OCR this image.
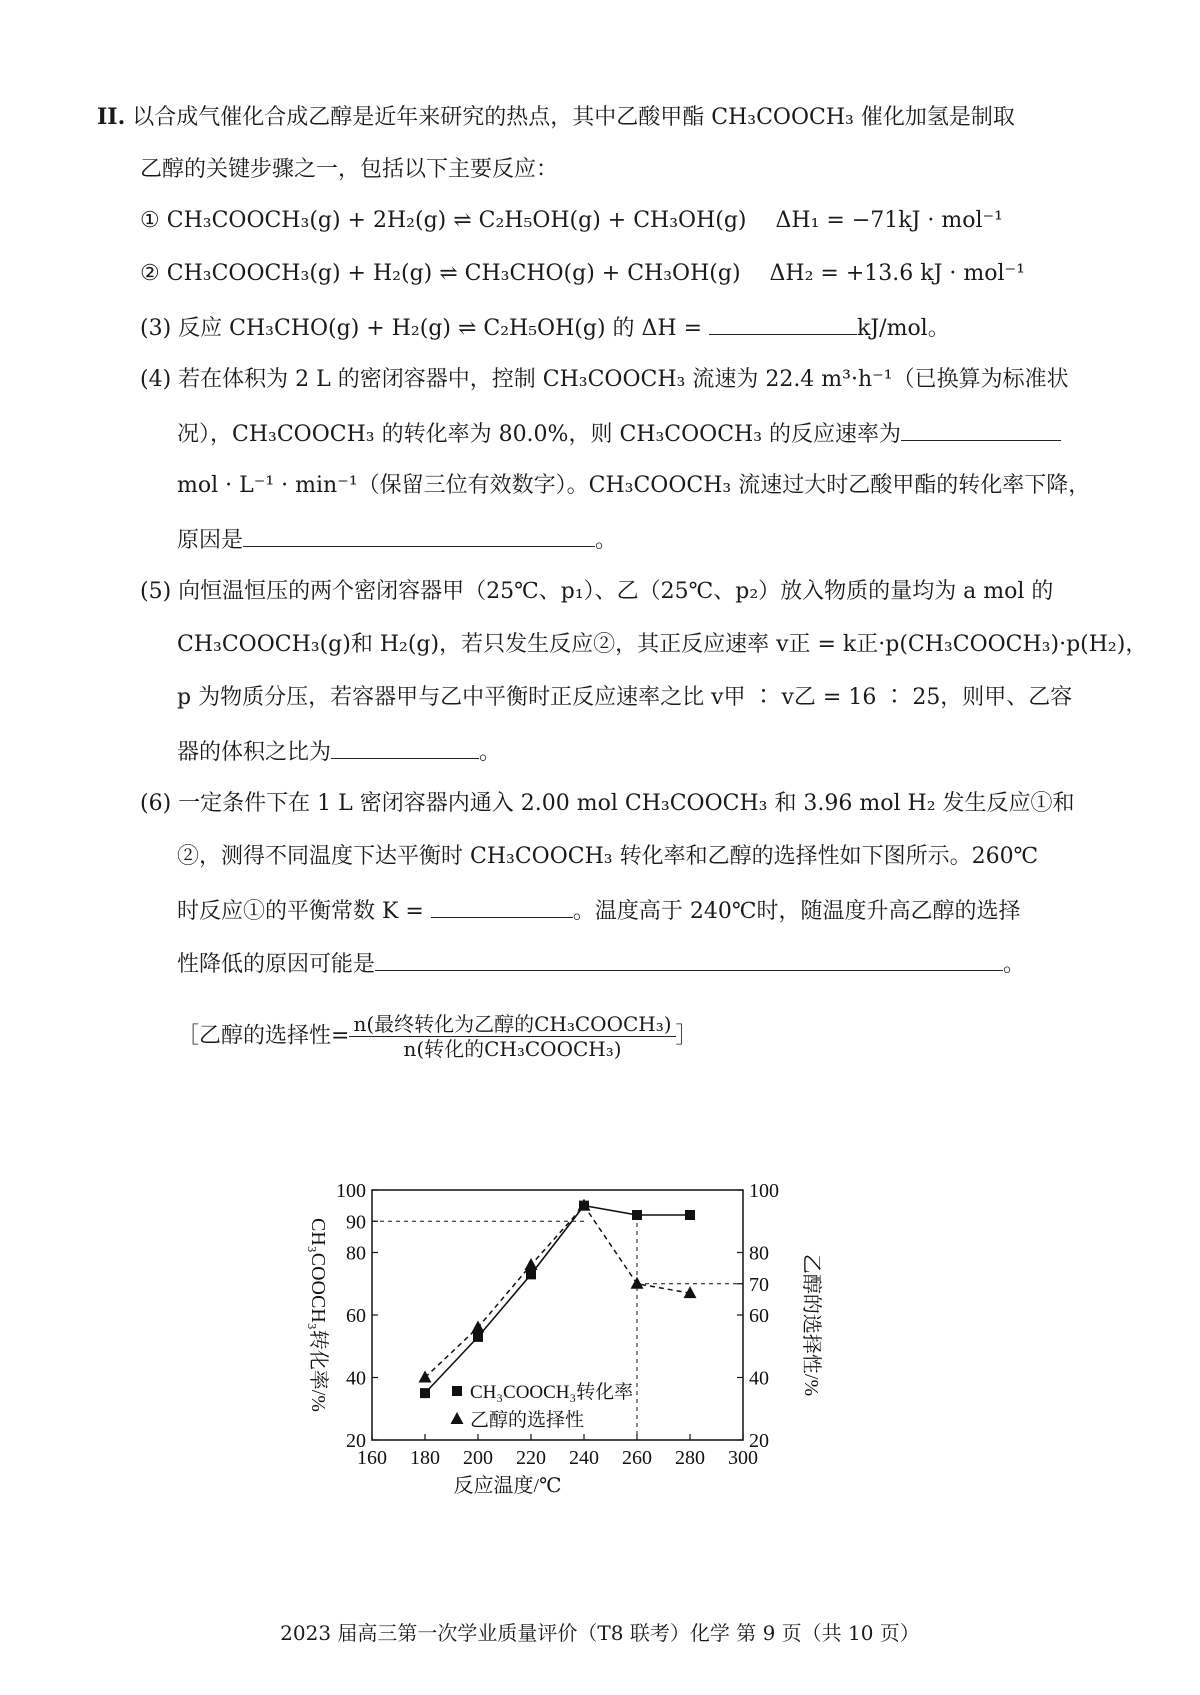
II. 以合成气催化合成乙醇是近年来研究的热点，其中乙酸甲酯 CH₃COOCH₃ 催化加氢是制取
乙醇的关键步骤之一，包括以下主要反应：
① CH₃COOCH₃(g) + 2H₂(g) ⇌ C₂H₅OH(g) + CH₃OH(g) ΔH₁ = −71kJ · mol⁻¹
② CH₃COOCH₃(g) + H₂(g) ⇌ CH₃CHO(g) + CH₃OH(g) ΔH₂ = +13.6 kJ · mol⁻¹
(3) 反应 CH₃CHO(g) + H₂(g) ⇌ C₂H₅OH(g) 的 ΔH =	kJ/mol。
(4) 若在体积为 2 L 的密闭容器中，控制 CH₃COOCH₃ 流速为 22.4 m³·h⁻¹（已换算为标准状
况），CH₃COOCH₃ 的转化率为 80.0%，则 CH₃COOCH₃ 的反应速率为
mol · L⁻¹ · min⁻¹（保留三位有效数字）。CH₃COOCH₃ 流速过大时乙酸甲酯的转化率下降，
原因是	。
(5) 向恒温恒压的两个密闭容器甲（25℃、p₁）、乙（25℃、p₂）放入物质的量均为 a mol 的
CH₃COOCH₃(g)和 H₂(g)，若只发生反应②，其正反应速率 v正 = k正·p(CH₃COOCH₃)·p(H₂)，
p 为物质分压，若容器甲与乙中平衡时正反应速率之比 v甲 ∶ v乙 = 16 ∶ 25，则甲、乙容
器的体积之比为	。
(6) 一定条件下在 1 L 密闭容器内通入 2.00 mol CH₃COOCH₃ 和 3.96 mol H₂ 发生反应①和
②，测得不同温度下达平衡时 CH₃COOCH₃ 转化率和乙醇的选择性如下图所示。260℃
时反应①的平衡常数 K =	。温度高于 240℃时，随温度升高乙醇的选择
性降低的原因可能是	。
［乙醇的选择性= $\frac{\text{n(最终转化为乙醇的CH₃COOCH₃)}}{\text{n(转化的CH₃COOCH₃)}}$ ］
160 180 200 220 240 260 280 300
20
40
60
80
90
100
20
40
60
70
80
100
CH₃COOCH₃转化率
乙醇的选择性
反应温度/℃
CH₃COOCH₃转化率/%	乙醇的选择性/%
2023 届高三第一次学业质量评价（T8 联考）化学 第 9 页（共 10 页）
